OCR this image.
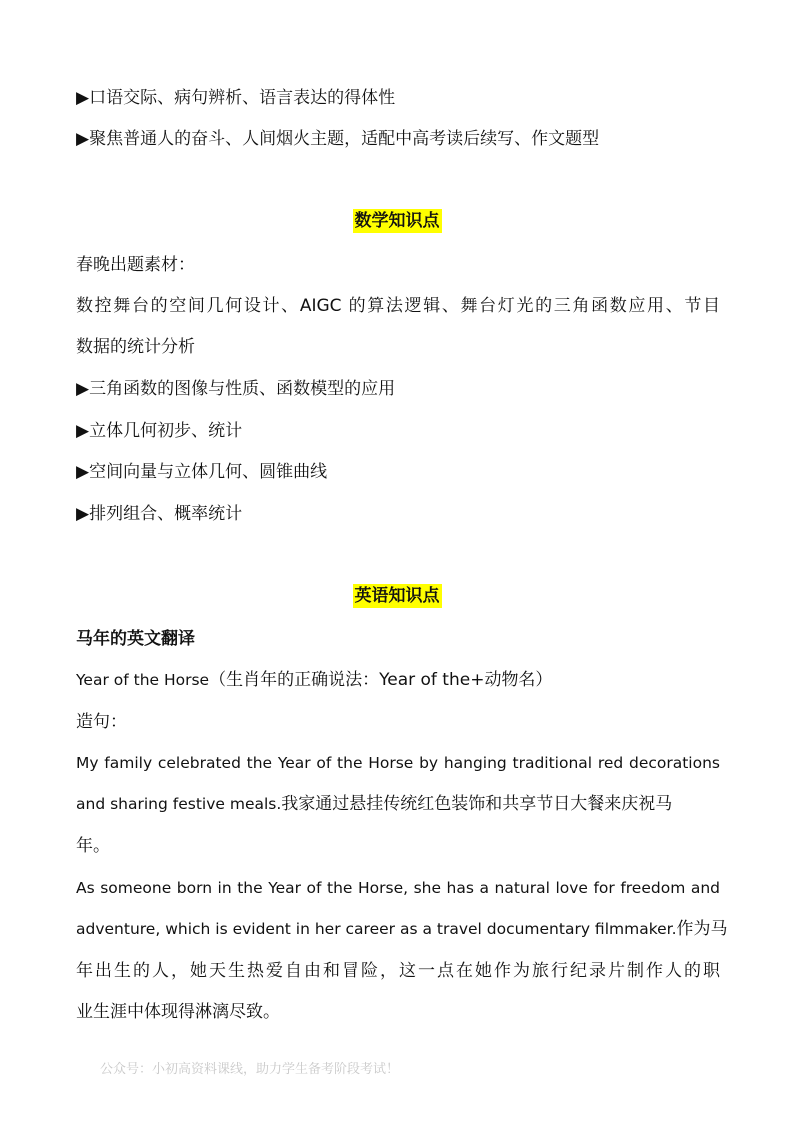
▶口语交际、病句辨析、语言表达的得体性
▶聚焦普通人的奋斗、人间烟火主题，适配中高考读后续写、作文题型
数学知识点
春晚出题素材：
数控舞台的空间几何设计、AIGC 的算法逻辑、舞台灯光的三角函数应用、节目
数据的统计分析
▶三角函数的图像与性质、函数模型的应用
▶立体几何初步、统计
▶空间向量与立体几何、圆锥曲线
▶排列组合、概率统计
英语知识点
马年的英文翻译
Year of the Horse（生肖年的正确说法：Year of the+动物名）
造句：
My family celebrated the Year of the Horse by hanging traditional red decorations
and sharing festive meals.我家通过悬挂传统红色装饰和共享节日大餐来庆祝马
年。
As someone born in the Year of the Horse, she has a natural love for freedom and
adventure, which is evident in her career as a travel documentary filmmaker.作为马
年出生的人，她天生热爱自由和冒险，这一点在她作为旅行纪录片制作人的职
业生涯中体现得淋漓尽致。
公众号：小初高资料课线，助力学生备考阶段考试！
